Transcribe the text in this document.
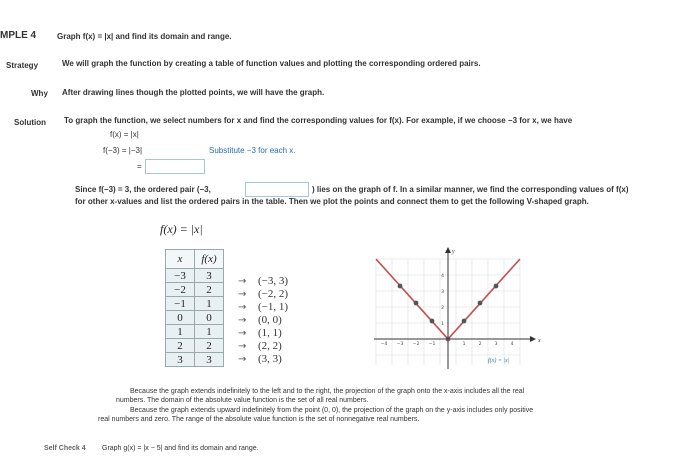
MPLE 4	Graph f(x) = |x| and find its domain and range.
Strategy	We will graph the function by creating a table of function values and plotting the corresponding ordered pairs.
Why After drawing lines though the plotted points, we will have the graph.
Solution To graph the function, we select numbers for x and find the corresponding values for f(x). For example, if we choose −3 for x, we have
f(x) = |x|
f(−3) = |−3|	Substitute −3 for each x.
=
Since f(−3) = 3, the ordered pair (−3,	) lies on the graph of f. In a similar manner, we find the corresponding values of f(x)
for other x-values and list the ordered pairs in the table. Then we plot the points and connect them to get the following V-shaped graph.
f(x) = |x|
x	f(x)
−3	3
−2	2
−1	1
0	0
1	1
2	2
3	3
→ (−3, 3)
→ (−2, 2)
→ (−1, 1)
→ (0, 0)
→ (1, 1)
→ (2, 2)
→ (3, 3)
x
y
−4 −3 −2 −1	1	2	3	4
4
3
2
1
f(x) = |x|
Because the graph extends indefinitely to the left and to the right, the projection of the graph onto the x-axis includes all the real
numbers. The domain of the absolute value function is the set of all real numbers.
Because the graph extends upward indefinitely from the point (0, 0), the projection of the graph on the y-axis includes only positive
real numbers and zero. The range of the absolute value function is the set of nonnegative real numbers.
Self Check 4 Graph g(x) = |x − 5| and find its domain and range.
